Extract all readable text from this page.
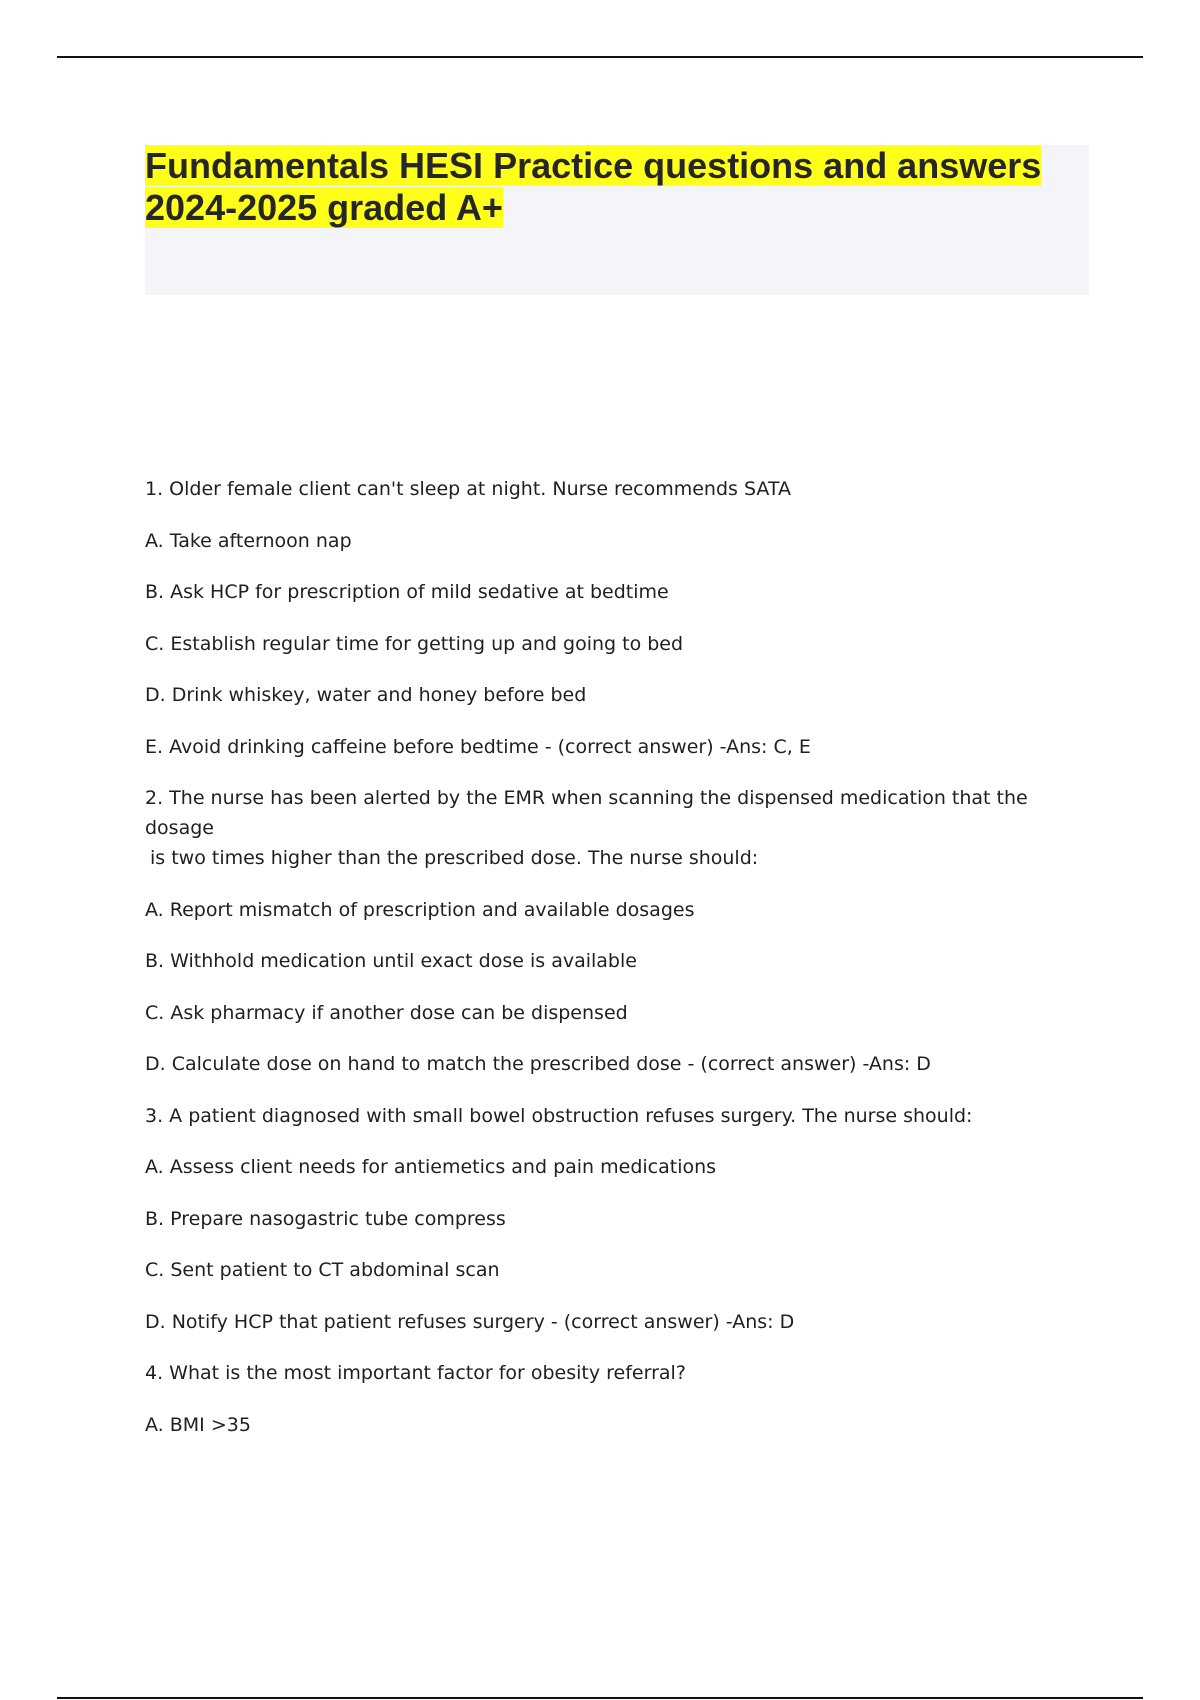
Fundamentals HESI Practice questions and answers
2024-2025 graded A+

1. Older female client can't sleep at night. Nurse recommends SATA

A. Take afternoon nap

B. Ask HCP for prescription of mild sedative at bedtime

C. Establish regular time for getting up and going to bed

D. Drink whiskey, water and honey before bed

E. Avoid drinking caffeine before bedtime - (correct answer) -Ans: C, E

2. The nurse has been alerted by the EMR when scanning the dispensed medication that the dosage
is two times higher than the prescribed dose. The nurse should:

A. Report mismatch of prescription and available dosages

B. Withhold medication until exact dose is available

C. Ask pharmacy if another dose can be dispensed

D. Calculate dose on hand to match the prescribed dose - (correct answer) -Ans: D

3. A patient diagnosed with small bowel obstruction refuses surgery. The nurse should:

A. Assess client needs for antiemetics and pain medications

B. Prepare nasogastric tube compress

C. Sent patient to CT abdominal scan

D. Notify HCP that patient refuses surgery - (correct answer) -Ans: D

4. What is the most important factor for obesity referral?

A. BMI >35
